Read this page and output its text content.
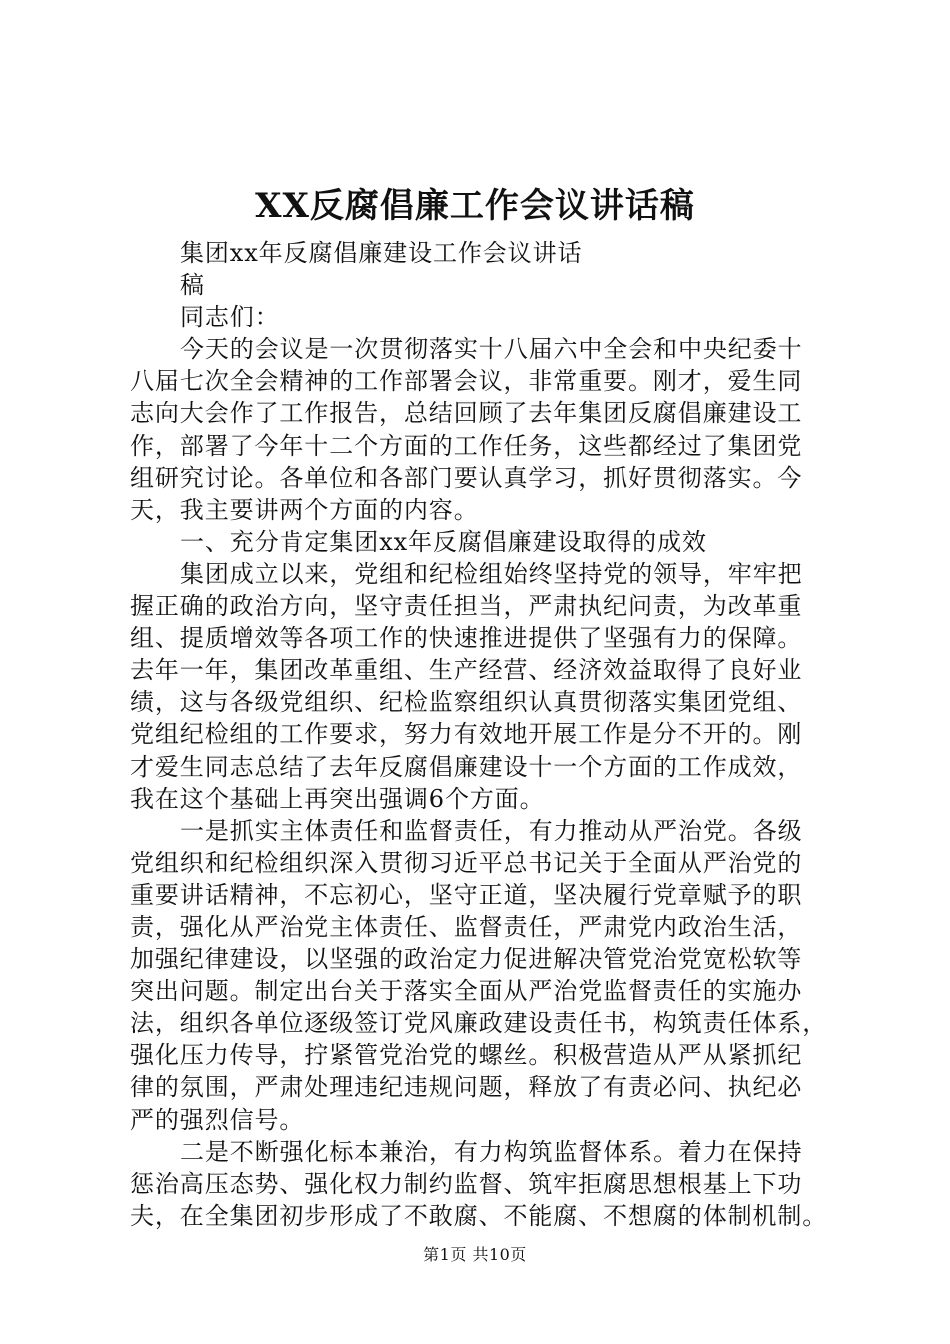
XX反腐倡廉工作会议讲话稿
集团xx年反腐倡廉建设工作会议讲话
稿
同志们：
今天的会议是一次贯彻落实十八届六中全会和中央纪委十
八届七次全会精神的工作部署会议，非常重要。刚才，爱生同
志向大会作了工作报告，总结回顾了去年集团反腐倡廉建设工
作，部署了今年十二个方面的工作任务，这些都经过了集团党
组研究讨论。各单位和各部门要认真学习，抓好贯彻落实。今
天，我主要讲两个方面的内容。
一、充分肯定集团xx年反腐倡廉建设取得的成效
集团成立以来，党组和纪检组始终坚持党的领导，牢牢把
握正确的政治方向，坚守责任担当，严肃执纪问责，为改革重
组、提质增效等各项工作的快速推进提供了坚强有力的保障。
去年一年，集团改革重组、生产经营、经济效益取得了良好业
绩，这与各级党组织、纪检监察组织认真贯彻落实集团党组、
党组纪检组的工作要求，努力有效地开展工作是分不开的。刚
才爱生同志总结了去年反腐倡廉建设十一个方面的工作成效，
我在这个基础上再突出强调6个方面。
一是抓实主体责任和监督责任，有力推动从严治党。各级
党组织和纪检组织深入贯彻习近平总书记关于全面从严治党的
重要讲话精神，不忘初心，坚守正道，坚决履行党章赋予的职
责，强化从严治党主体责任、监督责任，严肃党内政治生活，
加强纪律建设，以坚强的政治定力促进解决管党治党宽松软等
突出问题。制定出台关于落实全面从严治党监督责任的实施办
法，组织各单位逐级签订党风廉政建设责任书，构筑责任体系，
强化压力传导，拧紧管党治党的螺丝。积极营造从严从紧抓纪
律的氛围，严肃处理违纪违规问题，释放了有责必问、执纪必
严的强烈信号。
二是不断强化标本兼治，有力构筑监督体系。着力在保持
惩治高压态势、强化权力制约监督、筑牢拒腐思想根基上下功
夫，在全集团初步形成了不敢腐、不能腐、不想腐的体制机制。
第1页 共10页
